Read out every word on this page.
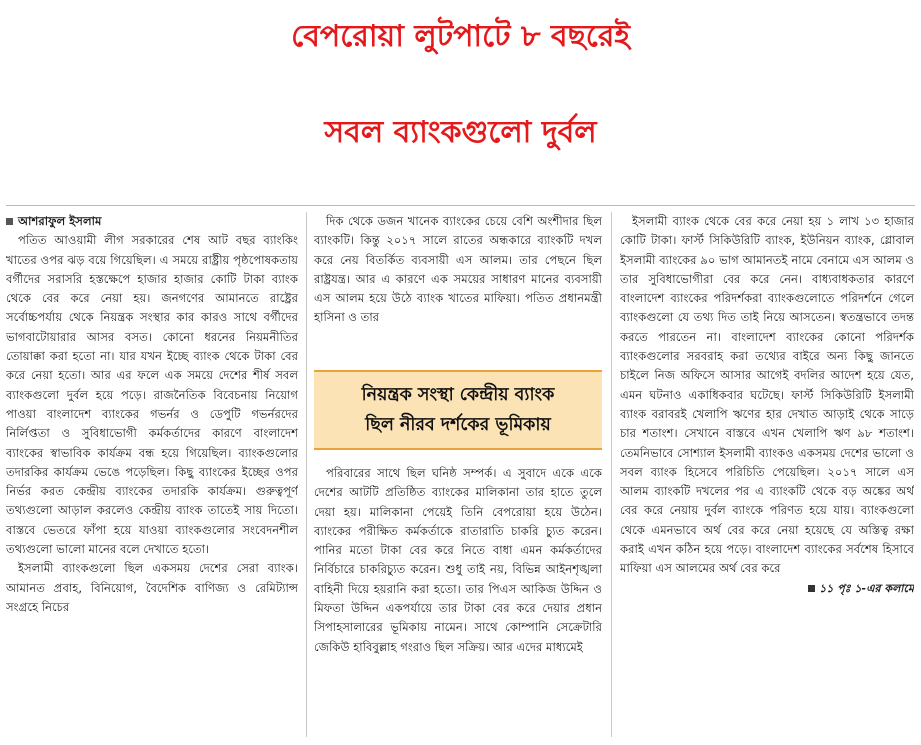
বেপরোয়া লুটপাটে ৮ বছরেই
সবল ব্যাংকগুলো দুর্বল

আশরাফুল ইসলাম

পতিত আওয়ামী লীগ সরকারের শেষ আট বছর ব্যাংকিং খাতের ওপর ঝড় বয়ে গিয়েছিল। এ সময়ে রাষ্ট্রীয় পৃষ্ঠপোষকতায় বর্গীদের সরাসরি হস্তক্ষেপে হাজার হাজার কোটি টাকা ব্যাংক থেকে বের করে নেয়া হয়। জনগণের আমানতে রাষ্ট্রের সর্বোচ্চপর্যায় থেকে নিয়ন্ত্রক সংস্থার কার কারও সাথে বর্গীদের ভাগবাটোয়ারার আসর বসত। কোনো ধরনের নিয়মনীতির তোয়াক্কা করা হতো না। যার যখন ইচ্ছে ব্যাংক থেকে টাকা বের করে নেয়া হতো। আর এর ফলে এক সময়ে দেশের শীর্ষ সবল ব্যাংকগুলো দুর্বল হয়ে পড়ে। রাজনৈতিক বিবেচনায় নিয়োগ পাওয়া বাংলাদেশ ব্যাংকের গভর্নর ও ডেপুটি গভর্নরদের নির্লিপ্ততা ও সুবিধাভোগী কর্মকর্তাদের কারণে বাংলাদেশ ব্যাংকের স্বাভাবিক কার্যক্রম বন্ধ হয়ে গিয়েছিল। ব্যাংকগুলোর তদারকির কার্যক্রম ভেঙে পড়েছিল। কিছু ব্যাংকের ইচ্ছের ওপর নির্ভর করত কেন্দ্রীয় ব্যাংকের তদারকি কার্যক্রম। গুরুত্বপূর্ণ তথ্যগুলো আড়াল করলেও কেন্দ্রীয় ব্যাংক তাতেই সায় দিতো। বাস্তবে ভেতরে ফাঁপা হয়ে যাওয়া ব্যাংকগুলোর সংবেদনশীল তথ্যগুলো ভালো মানের বলে দেখাতে হতো।

ইসলামী ব্যাংকগুলো ছিল একসময় দেশের সেরা ব্যাংক। আমানত প্রবাহ, বিনিয়োগ, বৈদেশিক বাণিজ্য ও রেমিট্যান্স সংগ্রহে নিচের

দিক থেকে ডজন খানেক ব্যাংকের চেয়ে বেশি অংশীদার ছিল ব্যাংকটি। কিন্তু ২০১৭ সালে রাতের অন্ধকারে ব্যাংকটি দখল করে নেয় বিতর্কিত ব্যবসায়ী এস আলম। তার পেছনে ছিল রাষ্ট্রযন্ত্র। আর এ কারণে এক সময়ের সাধারণ মানের ব্যবসায়ী এস আলম হয়ে উঠে ব্যাংক খাতের মাফিয়া। পতিত প্রধানমন্ত্রী হাসিনা ও তার

নিয়ন্ত্রক সংস্থা কেন্দ্রীয় ব্যাংক
ছিল নীরব দর্শকের ভূমিকায়

পরিবারের সাথে ছিল ঘনিষ্ঠ সম্পর্ক। এ সুবাদে একে একে দেশের আটটি প্রতিষ্ঠিত ব্যাংকের মালিকানা তার হাতে তুলে দেয়া হয়। মালিকানা পেয়েই তিনি বেপরোয়া হয়ে উঠেন। ব্যাংকের পরীক্ষিত কর্মকর্তাকে রাতারাতি চাকরি চ্যুত করেন। পানির মতো টাকা বের করে নিতে বাধা এমন কর্মকর্তাদের নির্বিচারে চাকরিচ্যুত করেন। শুধু তাই নয়, বিভিন্ন আইনশৃঙ্খলা বাহিনী দিয়ে হয়রানি করা হতো। তার পিএস আকিজ উদ্দিন ও মিফতা উদ্দিন একপর্যায়ে তার টাকা বের করে দেয়ার প্রধান সিপাহসালারের ভূমিকায় নামেন। সাথে কোম্পানি সেক্রেটারি জেকিউ হাবিবুল্লাহ গংরাও ছিল সক্রিয়। আর এদের মাধ্যমেই

ইসলামী ব্যাংক থেকে বের করে নেয়া হয় ১ লাখ ১৩ হাজার কোটি টাকা। ফার্স্ট সিকিউরিটি ব্যাংক, ইউনিয়ন ব্যাংক, গ্লোবাল ইসলামী ব্যাংকের ৯০ ভাগ আমানতই নামে বেনামে এস আলম ও তার সুবিধাভোগীরা বের করে নেন। বাধ্যবাধকতার কারণে বাংলাদেশ ব্যাংকের পরিদর্শকরা ব্যাংকগুলোতে পরিদর্শনে গেলে ব্যাংকগুলো যে তথ্য দিত তাই নিয়ে আসতেন। স্বতন্ত্রভাবে তদন্ত করতে পারতেন না। বাংলাদেশ ব্যাংকের কোনো পরিদর্শক ব্যাংকগুলোর সরবরাহ করা তথ্যের বাইরে অন্য কিছু জানতে চাইলে নিজ অফিসে আসার আগেই বদলির আদেশ হয়ে যেত, এমন ঘটনাও একাধিকবার ঘটেছে। ফার্স্ট সিকিউরিটি ইসলামী ব্যাংক বরাবরই খেলাপি ঋণের হার দেখাত আড়াই থেকে সাড়ে চার শতাংশ। সেখানে বাস্তবে এখন খেলাপি ঋণ ৯৮ শতাংশ। তেমনিভাবে সোশ্যাল ইসলামী ব্যাংকও একসময় দেশের ভালো ও সবল ব্যাংক হিসেবে পরিচিতি পেয়েছিল। ২০১৭ সালে এস আলম ব্যাংকটি দখলের পর এ ব্যাংকটি থেকে বড় অঙ্কের অর্থ বের করে নেয়ায় দুর্বল ব্যাংকে পরিণত হয়ে যায়। ব্যাংকগুলো থেকে এমনভাবে অর্থ বের করে নেয়া হয়েছে যে অস্তিত্ব রক্ষা করাই এখন কঠিন হয়ে পড়ে। বাংলাদেশ ব্যাংকের সর্বশেষ হিসাবে মাফিয়া এস আলমের অর্থ বের করে

১১ পৃঃ ১-এর কলামে
